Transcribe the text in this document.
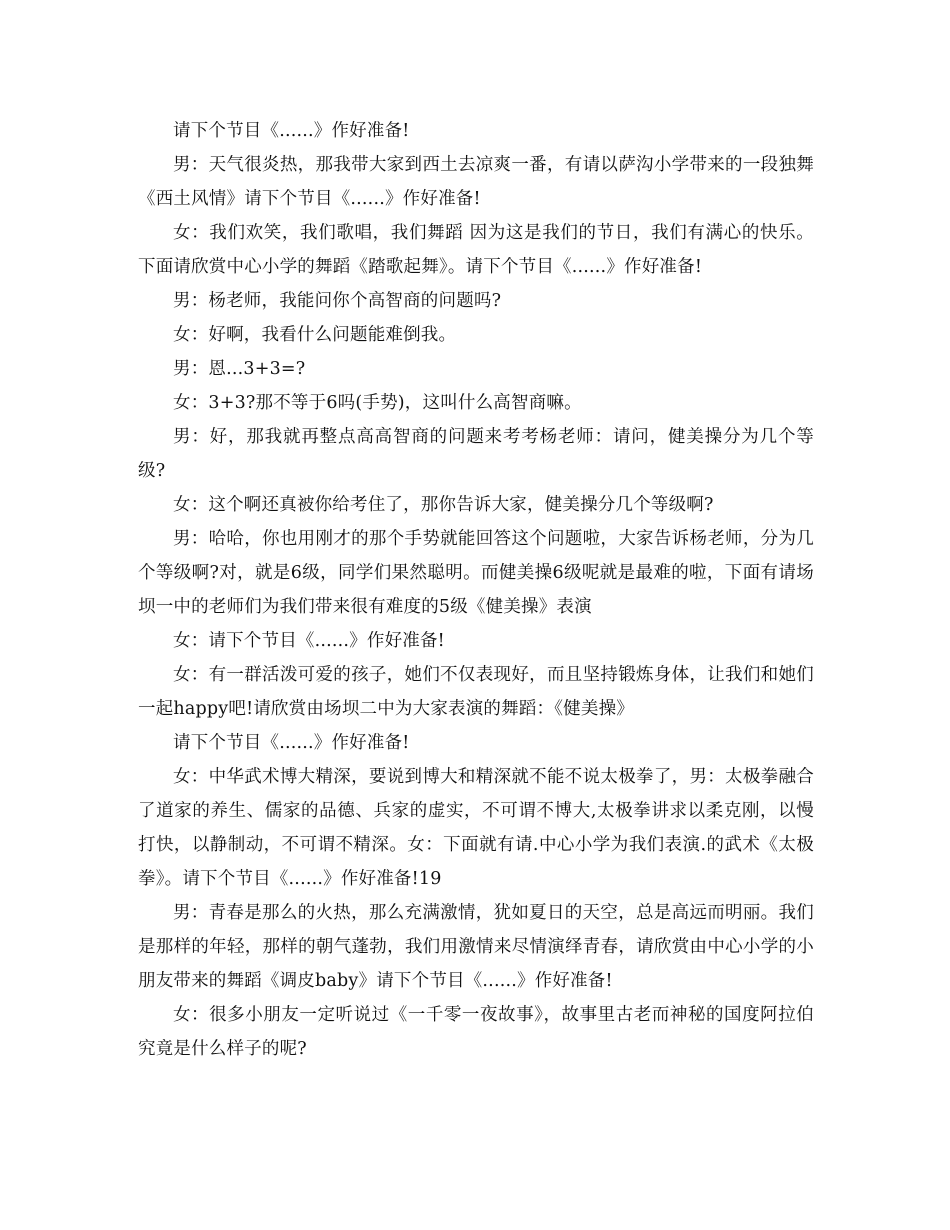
请下个节目《......》作好准备!

男：天气很炎热，那我带大家到西土去凉爽一番，有请以萨沟小学带来的一段独舞《西土风情》请下个节目《......》作好准备!

女：我们欢笑，我们歌唱，我们舞蹈 因为这是我们的节日，我们有满心的快乐。下面请欣赏中心小学的舞蹈《踏歌起舞》。请下个节目《......》作好准备!

男：杨老师，我能问你个高智商的问题吗?

女：好啊，我看什么问题能难倒我。

男：恩...3+3=?

女：3+3?那不等于6吗(手势)，这叫什么高智商嘛。

男：好，那我就再整点高高智商的问题来考考杨老师：请问，健美操分为几个等级?

女：这个啊还真被你给考住了，那你告诉大家，健美操分几个等级啊?

男：哈哈，你也用刚才的那个手势就能回答这个问题啦，大家告诉杨老师，分为几个等级啊?对，就是6级，同学们果然聪明。而健美操6级呢就是最难的啦，下面有请场坝一中的老师们为我们带来很有难度的5级《健美操》表演

女：请下个节目《......》作好准备!

女：有一群活泼可爱的孩子，她们不仅表现好，而且坚持锻炼身体，让我们和她们一起happy吧!请欣赏由场坝二中为大家表演的舞蹈：《健美操》

请下个节目《......》作好准备!

女：中华武术博大精深，要说到博大和精深就不能不说太极拳了，男：太极拳融合了道家的养生、儒家的品德、兵家的虚实，不可谓不博大,太极拳讲求以柔克刚，以慢打快，以静制动，不可谓不精深。女：下面就有请.中心小学为我们表演.的武术《太极拳》。请下个节目《......》作好准备!19

男：青春是那么的火热，那么充满激情，犹如夏日的天空，总是高远而明丽。我们是那样的年轻，那样的朝气蓬勃，我们用激情来尽情演绎青春，请欣赏由中心小学的小朋友带来的舞蹈《调皮baby》请下个节目《......》作好准备!

女：很多小朋友一定听说过《一千零一夜故事》，故事里古老而神秘的国度阿拉伯究竟是什么样子的呢?
